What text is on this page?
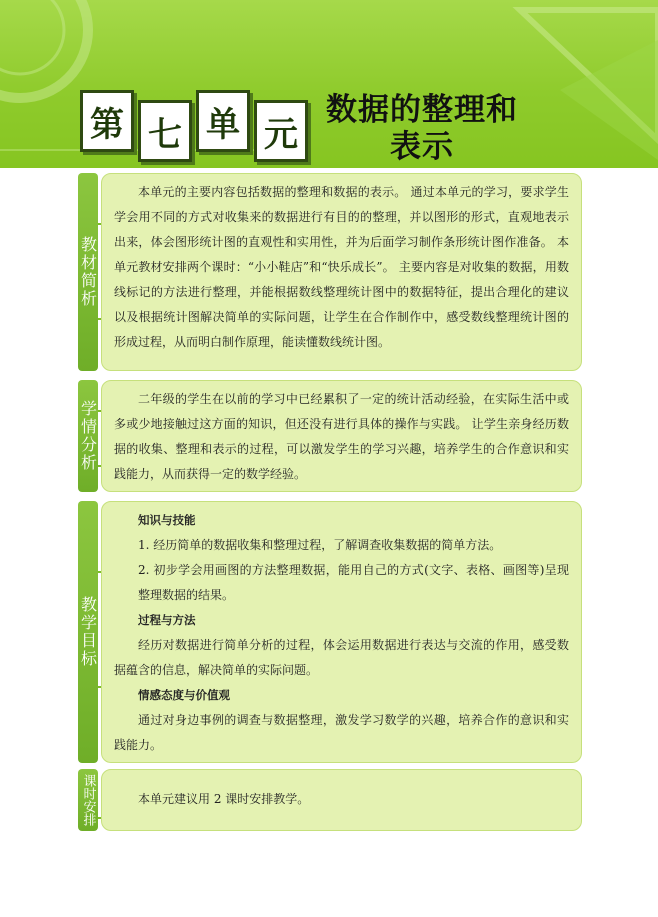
第 七 单 元
数据的整理和
表示
教材简析

本单元的主要内容包括数据的整理和数据的表示。 通过本单元的学习，要求学生学会用不同的方式对收集来的数据进行有目的的整理，并以图形的形式，直观地表示出来，体会图形统计图的直观性和实用性，并为后面学习制作条形统计图作准备。 本单元教材安排两个课时：“小小鞋店”和“快乐成长”。 主要内容是对收集的数据，用数线标记的方法进行整理，并能根据数线整理统计图中的数据特征，提出合理化的建议以及根据统计图解决简单的实际问题，让学生在合作制作中，感受数线整理统计图的形成过程，从而明白制作原理，能读懂数线统计图。

学情分析

二年级的学生在以前的学习中已经累积了一定的统计活动经验，在实际生活中或多或少地接触过这方面的知识，但还没有进行具体的操作与实践。 让学生亲身经历数据的收集、整理和表示的过程，可以激发学生的学习兴趣，培养学生的合作意识和实践能力，从而获得一定的数学经验。

教学目标

知识与技能

1. 经历简单的数据收集和整理过程，了解调查收集数据的简单方法。

2. 初步学会用画图的方法整理数据，能用自己的方式(文字、表格、画图等)呈现整理数据的结果。

过程与方法

经历对数据进行简单分析的过程，体会运用数据进行表达与交流的作用，感受数据蕴含的信息，解决简单的实际问题。

情感态度与价值观

通过对身边事例的调查与数据整理，激发学习数学的兴趣，培养合作的意识和实践能力。

课时安排	本单元建议用 2 课时安排教学。
